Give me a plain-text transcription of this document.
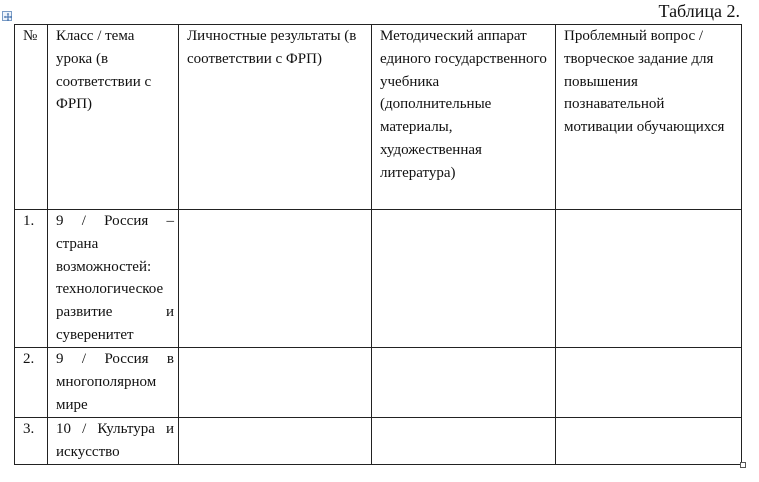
Таблица 2.
№	Класс / тема урока (в соответствии с ФРП)	Личностные результаты (в соответствии с ФРП)	Методический аппарат единого государственного учебника (дополнительные материалы, художественная литература)	Проблемный вопрос / творческое задание для повышения познавательной мотивации обучающихся
1.	9 / Россия – страна возможностей: технологическое развитие и суверенитет			
2.	9 / Россия в многополярном мире			
3.	10 / Культура и искусство			
